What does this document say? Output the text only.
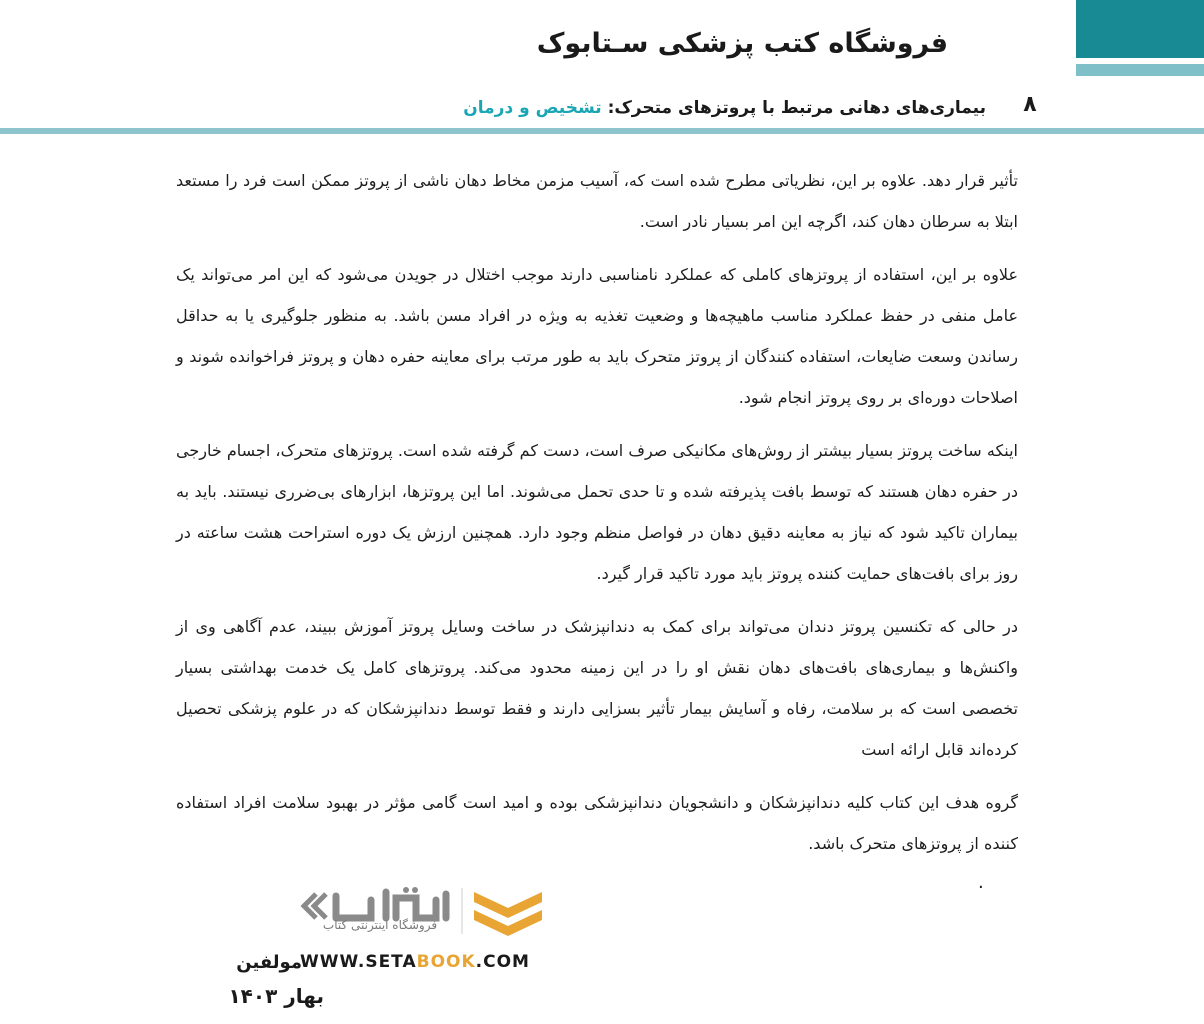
فروشگاه کتب پزشکی سـتابوک
۸
بیماری‌های دهانی مرتبط با پروتزهای متحرک: تشخیص و درمان

تأثیر قرار دهد. علاوه بر این، نظریاتی مطرح شده است که، آسیب مزمن مخاط دهان ناشی از پروتز ممکن است فرد را مستعد ابتلا به سرطان دهان کند، اگرچه این امر بسیار نادر است.

علاوه بر این، استفاده از پروتزهای کاملی که عملکرد نامناسبی دارند موجب اختلال در جویدن می‌شود که این امر می‌تواند یک عامل منفی در حفظ عملکرد مناسب ماهیچه‌ها و وضعیت تغذیه به ویژه در افراد مسن باشد. به منظور جلوگیری یا به حداقل رساندن وسعت ضایعات، استفاده کنندگان از پروتز متحرک باید به طور مرتب برای معاینه حفره دهان و پروتز فراخوانده شوند و اصلاحات دوره‌ای بر روی پروتز انجام شود.

اینکه ساخت پروتز بسیار بیشتر از روش‌های مکانیکی صرف است، دست کم گرفته شده است. پروتزهای متحرک، اجسام خارجی در حفره دهان هستند که توسط بافت پذیرفته شده و تا حدی تحمل می‌شوند. اما این پروتزها، ابزارهای بی‌ضرری نیستند. باید به بیماران تاکید شود که نیاز به معاینه دقیق دهان در فواصل منظم وجود دارد. همچنین ارزش یک دوره استراحت هشت ساعته در روز برای بافت‌های حمایت کننده پروتز باید مورد تاکید قرار گیرد.

در حالی که تکنسین پروتز دندان می‌تواند برای کمک به دندانپزشک در ساخت وسایل پروتز آموزش ببیند، عدم آگاهی وی از واکنش‌ها و بیماری‌های بافت‌های دهان نقش او را در این زمینه محدود می‌کند. پروتزهای کامل یک خدمت بهداشتی بسیار تخصصی است که بر سلامت، رفاه و آسایش بیمار تأثیر بسزایی دارند و فقط توسط دندانپزشکان که در علوم پزشکی تحصیل کرده‌اند قابل ارائه است

گروه هدف این کتاب کلیه دندانپزشکان و دانشجویان دندانپزشکی بوده و امید است گامی مؤثر در بهبود سلامت افراد استفاده کننده از پروتزهای متحرک باشد.

.
فروشگاه اینترنتی کتاب
WWW.SETABOOK.COM
مولفین
بهار ۱۴۰۳
